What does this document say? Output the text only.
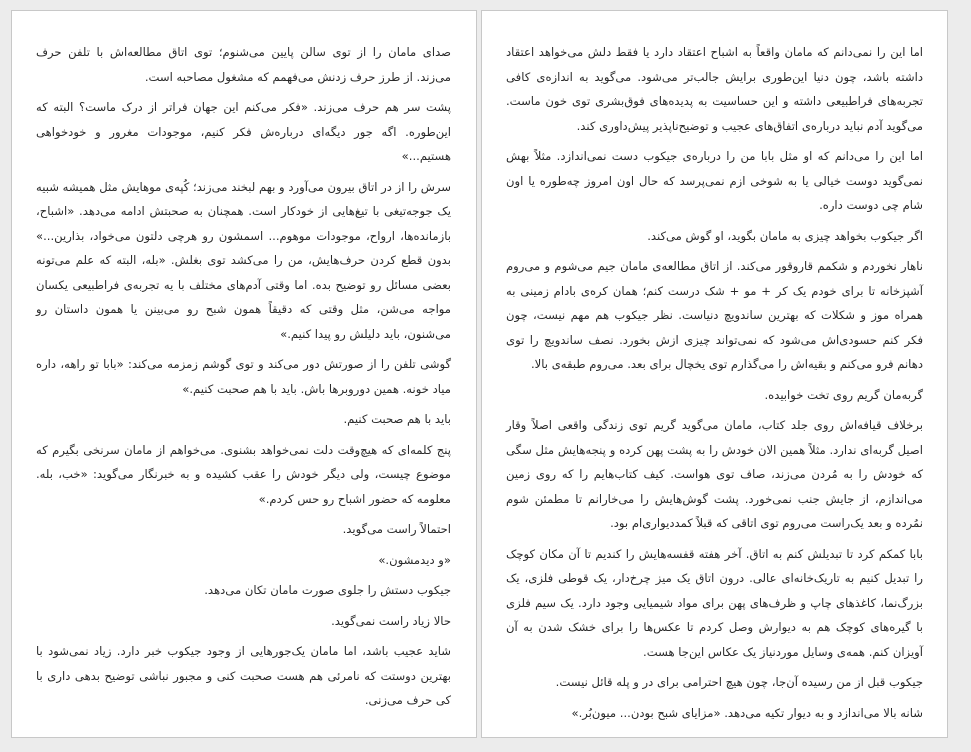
صدای مامان را از توی سالن پایین می‌شنوم؛ توی اتاق مطالعه‌اش با تلفن حرف می‌زند. از طرز حرف زدنش می‌فهمم که مشغول مصاحبه است.

پشت سر هم حرف می‌زند. «فکر می‌کنم این جهان فراتر از درک ماست؟ البته که این‌طوره. اگه جور دیگه‌ای درباره‌ش فکر کنیم، موجودات مغرور و خودخواهی هستیم...»

سرش را از در اتاق بیرون می‌آورد و بهم لبخند می‌زند؛ کُپه‌ی موهایش مثل همیشه شبیه یک جوجه‌تیغی با تیغ‌هایی از خودکار است. همچنان به صحبتش ادامه می‌دهد. «اشباح، بازمانده‌ها، ارواح، موجودات موهوم... اسمشون رو هرچی دلتون می‌خواد، بذارین...» بدون قطع کردن حرف‌هایش، من را می‌کشد توی بغلش. «بله، البته که علم می‌تونه بعضی مسائل رو توضیح بده. اما وقتی آدم‌های مختلف با یه تجربه‌ی فراطبیعی یکسان مواجه می‌شن، مثل وقتی که دقیقاً همون شبح رو می‌بینن یا همون داستان رو می‌شنون، باید دلیلش رو پیدا کنیم.»

گوشی تلفن را از صورتش دور می‌کند و توی گوشم زمزمه می‌کند: «بابا تو راهه، داره میاد خونه. همین دوروبرها باش. باید با هم صحبت کنیم.»

باید با هم صحبت کنیم.

پنج کلمه‌ای که هیچ‌وقت دلت نمی‌خواهد بشنوی. می‌خواهم از مامان سرنخی بگیرم که موضوع چیست، ولی دیگر خودش را عقب کشیده و به خبرنگار می‌گوید: «خب، بله. معلومه که حضور اشباح رو حس کردم.»

احتمالاً راست می‌گوید.

«و دیدمشون.»

جیکوب دستش را جلوی صورت مامان تکان می‌دهد.

حالا زیاد راست نمی‌گوید.

شاید عجیب باشد، اما مامان یک‌جورهایی از وجود جیکوب خبر دارد. زیاد نمی‌شود با بهترین دوستت که نامرئی هم هست صحبت کنی و مجبور نباشی توضیح بدهی داری با کی حرف می‌زنی.

اما این را نمی‌دانم که مامان واقعاً به اشباح اعتقاد دارد یا فقط دلش می‌خواهد اعتقاد داشته باشد، چون دنیا این‌طوری برایش جالب‌تر می‌شود. می‌گوید به اندازه‌ی کافی تجربه‌های فراطبیعی داشته و این حساسیت به پدیده‌های فوق‌بشری توی خون ماست. می‌گوید آدم نباید درباره‌ی اتفاق‌های عجیب و توضیح‌ناپذیر پیش‌داوری کند.

اما این را می‌دانم که او مثل بابا من را درباره‌ی جیکوب دست نمی‌اندازد. مثلاً بهش نمی‌گوید دوست خیالی یا به شوخی ازم نمی‌پرسد که حال اون امروز چه‌طوره یا اون شام چی دوست داره.

اگر جیکوب بخواهد چیزی به مامان بگوید، او گوش می‌کند.

ناهار نخوردم و شکمم قاروقور می‌کند. از اتاق مطالعه‌ی مامان جیم می‌شوم و می‌روم آشپزخانه تا برای خودم یک کر + مو + شک درست کنم؛ همان کره‌ی بادام زمینی به همراه موز و شکلات که بهترین ساندویچ دنیاست. نظر جیکوب هم مهم نیست، چون فکر کنم حسودی‌اش می‌شود که نمی‌تواند چیزی ازش بخورد. نصف ساندویچ را توی دهانم فرو می‌کنم و بقیه‌اش را می‌گذارم توی یخچال برای بعد. می‌روم طبقه‌ی بالا.

گربه‌مان گریم روی تخت خوابیده.

برخلاف قیافه‌اش روی جلد کتاب، مامان می‌گوید گریم توی زندگی واقعی اصلاً وقار اصیل گربه‌ای ندارد. مثلاً همین الان خودش را به پشت پهن کرده و پنجه‌هایش مثل سگی که خودش را به مُردن می‌زند، صاف توی هواست. کیف کتاب‌هایم را که روی زمین می‌اندازم، از جایش جنب نمی‌خورد. پشت گوش‌هایش را می‌خارانم تا مطمئن شوم نمُرده و بعد یک‌راست می‌روم توی اتاقی که قبلاً کمددیواری‌ام بود.

بابا کمکم کرد تا تبدیلش کنم به اتاق. آخر هفته قفسه‌هایش را کندیم تا آن مکان کوچک را تبدیل کنیم به تاریک‌خانه‌ای عالی. درون اتاق یک میز چرخ‌دار، یک قوطی فلزی، یک بزرگ‌نما، کاغذهای چاپ و ظرف‌های پهن برای مواد شیمیایی وجود دارد. یک سیم فلزی با گیره‌های کوچک هم به دیوارش وصل کردم تا عکس‌ها را برای خشک شدن به آن آویزان کنم. همه‌ی وسایل موردنیاز یک عکاس این‌جا هست.

جیکوب قبل از من رسیده آن‌جا، چون هیچ احترامی برای در و پله قائل نیست.

شانه بالا می‌اندازد و به دیوار تکیه می‌دهد. «مزایای شبح بودن... میون‌بُر.»
